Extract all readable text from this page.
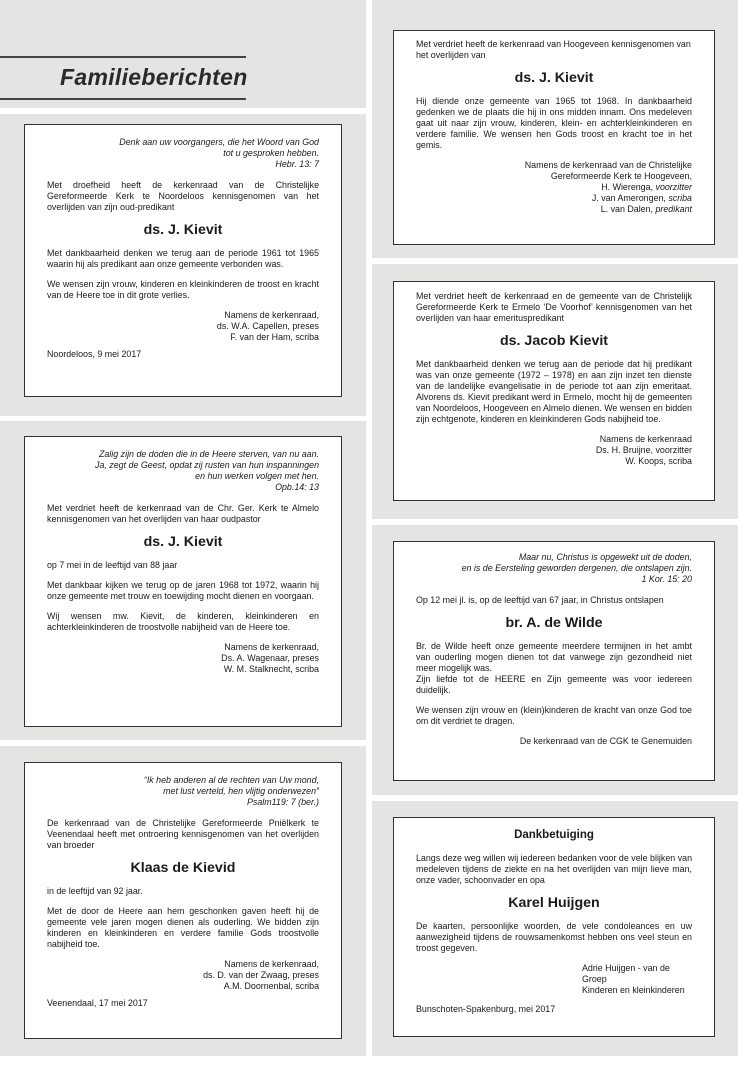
Familieberichten
Denk aan uw voorgangers, die het Woord van God
tot u gesproken hebben.
Hebr. 13: 7

Met droefheid heeft de kerkenraad van de Christelijke Gereformeerde Kerk te Noordeloos kennisgenomen van het overlijden van zijn oud-predikant

ds. J. Kievit

Met dankbaarheid denken we terug aan de periode 1961 tot 1965 waarin hij als predikant aan onze gemeente verbonden was.

We wensen zijn vrouw, kinderen en kleinkinderen de troost en kracht van de Heere toe in dit grote verlies.

Namens de kerkenraad,
ds. W.A. Capellen, preses
F. van der Ham, scriba

Noordeloos, 9 mei 2017

Zalig zijn de doden die in de Heere sterven, van nu aan.
Ja, zegt de Geest, opdat zij rusten van hun inspanningen
en hun werken volgen met hen.
Opb.14: 13

Met verdriet heeft de kerkenraad van de Chr. Ger. Kerk te Almelo kennisgenomen van het overlijden van haar oudpastor

ds. J. Kievit

op 7 mei in de leeftijd van 88 jaar

Met dankbaar kijken we terug op de jaren 1968 tot 1972, waarin hij onze gemeente met trouw en toewijding mocht dienen en voorgaan.

Wij wensen mw. Kievit, de kinderen, kleinkinderen en achterkleinkinderen de troostvolle nabijheid van de Heere toe.

Namens de kerkenraad,
Ds. A. Wagenaar, preses
W. M. Stalknecht, scriba
“Ik heb anderen al de rechten van Uw mond,
met lust verteld, hen vlijtig onderwezen”
Psalm119: 7 (ber.)

De kerkenraad van de Christelijke Gereformeerde Pniëlkerk te Veenendaal heeft met ontroering kennisgenomen van het overlijden van broeder

Klaas de Kievid

in de leeftijd van 92 jaar.

Met de door de Heere aan hem geschonken gaven heeft hij de gemeente vele jaren mogen dienen als ouderling. We bidden zijn kinderen en kleinkinderen en verdere familie Gods troostvolle nabijheid toe.

Namens de kerkenraad,
ds. D. van der Zwaag, preses
A.M. Doornenbal, scriba

Veenendaal, 17 mei 2017

Met verdriet heeft de kerkenraad van Hoogeveen kennisgenomen van het overlijden van

ds. J. Kievit

Hij diende onze gemeente van 1965 tot 1968. In dankbaarheid gedenken we de plaats die hij in ons midden innam. Ons medeleven gaat uit naar zijn vrouw, kinderen, klein- en achterkleinkinderen en verdere familie. We wensen hen Gods troost en kracht toe in het gemis.

Namens de kerkenraad van de Christelijke
Gereformeerde Kerk te Hoogeveen,
H. Wierenga, voorzitter
J. van Amerongen, scriba
L. van Dalen, predikant

Met verdriet heeft de kerkenraad en de gemeente van de Christelijk Gereformeerde Kerk te Ermelo ‘De Voorhof’ kennisgenomen van het overlijden van haar emerituspredikant

ds. Jacob Kievit

Met dankbaarheid denken we terug aan de periode dat hij predikant was van onze gemeente (1972 – 1978) en aan zijn inzet ten dienste van de landelijke evangelisatie in de periode tot aan zijn emeritaat. Alvorens ds. Kievit predikant werd in Ermelo, mocht hij de gemeenten van Noordeloos, Hoogeveen en Almelo dienen. We wensen en bidden zijn echtgenote, kinderen en kleinkinderen Gods nabijheid toe.

Namens de kerkenraad
Ds. H. Bruijne, voorzitter
W. Koops, scriba
Maar nu, Christus is opgewekt uit de doden,
en is de Eersteling geworden dergenen, die ontslapen zijn.
1 Kor. 15: 20

Op 12 mei jl. is, op de leeftijd van 67 jaar, in Christus ontslapen

br. A. de Wilde

Br. de Wilde heeft onze gemeente meerdere termijnen in het ambt van ouderling mogen dienen tot dat vanwege zijn gezondheid niet meer mogelijk was.
Zijn liefde tot de HEERE en Zijn gemeente was voor iedereen duidelijk.

We wensen zijn vrouw en (klein)kinderen de kracht van onze God toe om dit verdriet te dragen.

De kerkenraad van de CGK te Genemuiden
Dankbetuiging

Langs deze weg willen wij iedereen bedanken voor de vele blijken van medeleven tijdens de ziekte en na het overlijden van mijn lieve man, onze vader, schoonvader en opa

Karel Huijgen

De kaarten, persoonlijke woorden, de vele condoleances en uw aanwezigheid tijdens de rouwsamenkomst hebben ons veel steun en troost gegeven.

Adrie Huijgen - van de Groep
Kinderen en kleinkinderen

Bunschoten-Spakenburg, mei 2017
